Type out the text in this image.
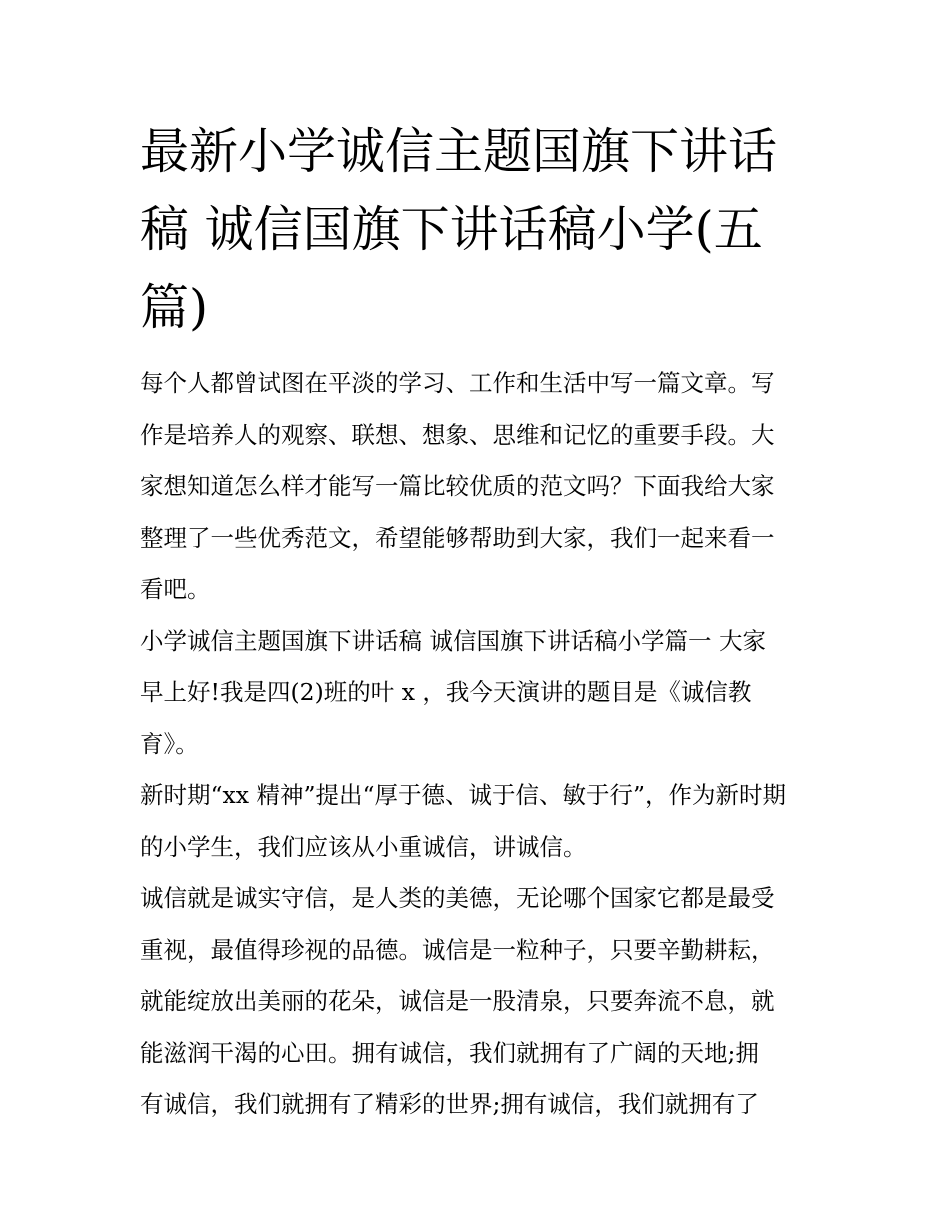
最新小学诚信主题国旗下讲话
稿 诚信国旗下讲话稿小学(五
篇)

每个人都曾试图在平淡的学习、工作和生活中写一篇文章。写
作是培养人的观察、联想、想象、思维和记忆的重要手段。大
家想知道怎么样才能写一篇比较优质的范文吗？下面我给大家
整理了一些优秀范文，希望能够帮助到大家，我们一起来看一
看吧。

小学诚信主题国旗下讲话稿 诚信国旗下讲话稿小学篇一 大家
早上好!我是四(2)班的叶 x ，我今天演讲的题目是《诚信教
育》。

新时期“xx 精神”提出“厚于德、诚于信、敏于行”，作为新时期
的小学生，我们应该从小重诚信，讲诚信。

诚信就是诚实守信，是人类的美德，无论哪个国家它都是最受
重视，最值得珍视的品德。诚信是一粒种子，只要辛勤耕耘，
就能绽放出美丽的花朵，诚信是一股清泉，只要奔流不息，就
能滋润干渴的心田。拥有诚信，我们就拥有了广阔的天地;拥
有诚信，我们就拥有了精彩的世界;拥有诚信，我们就拥有了
